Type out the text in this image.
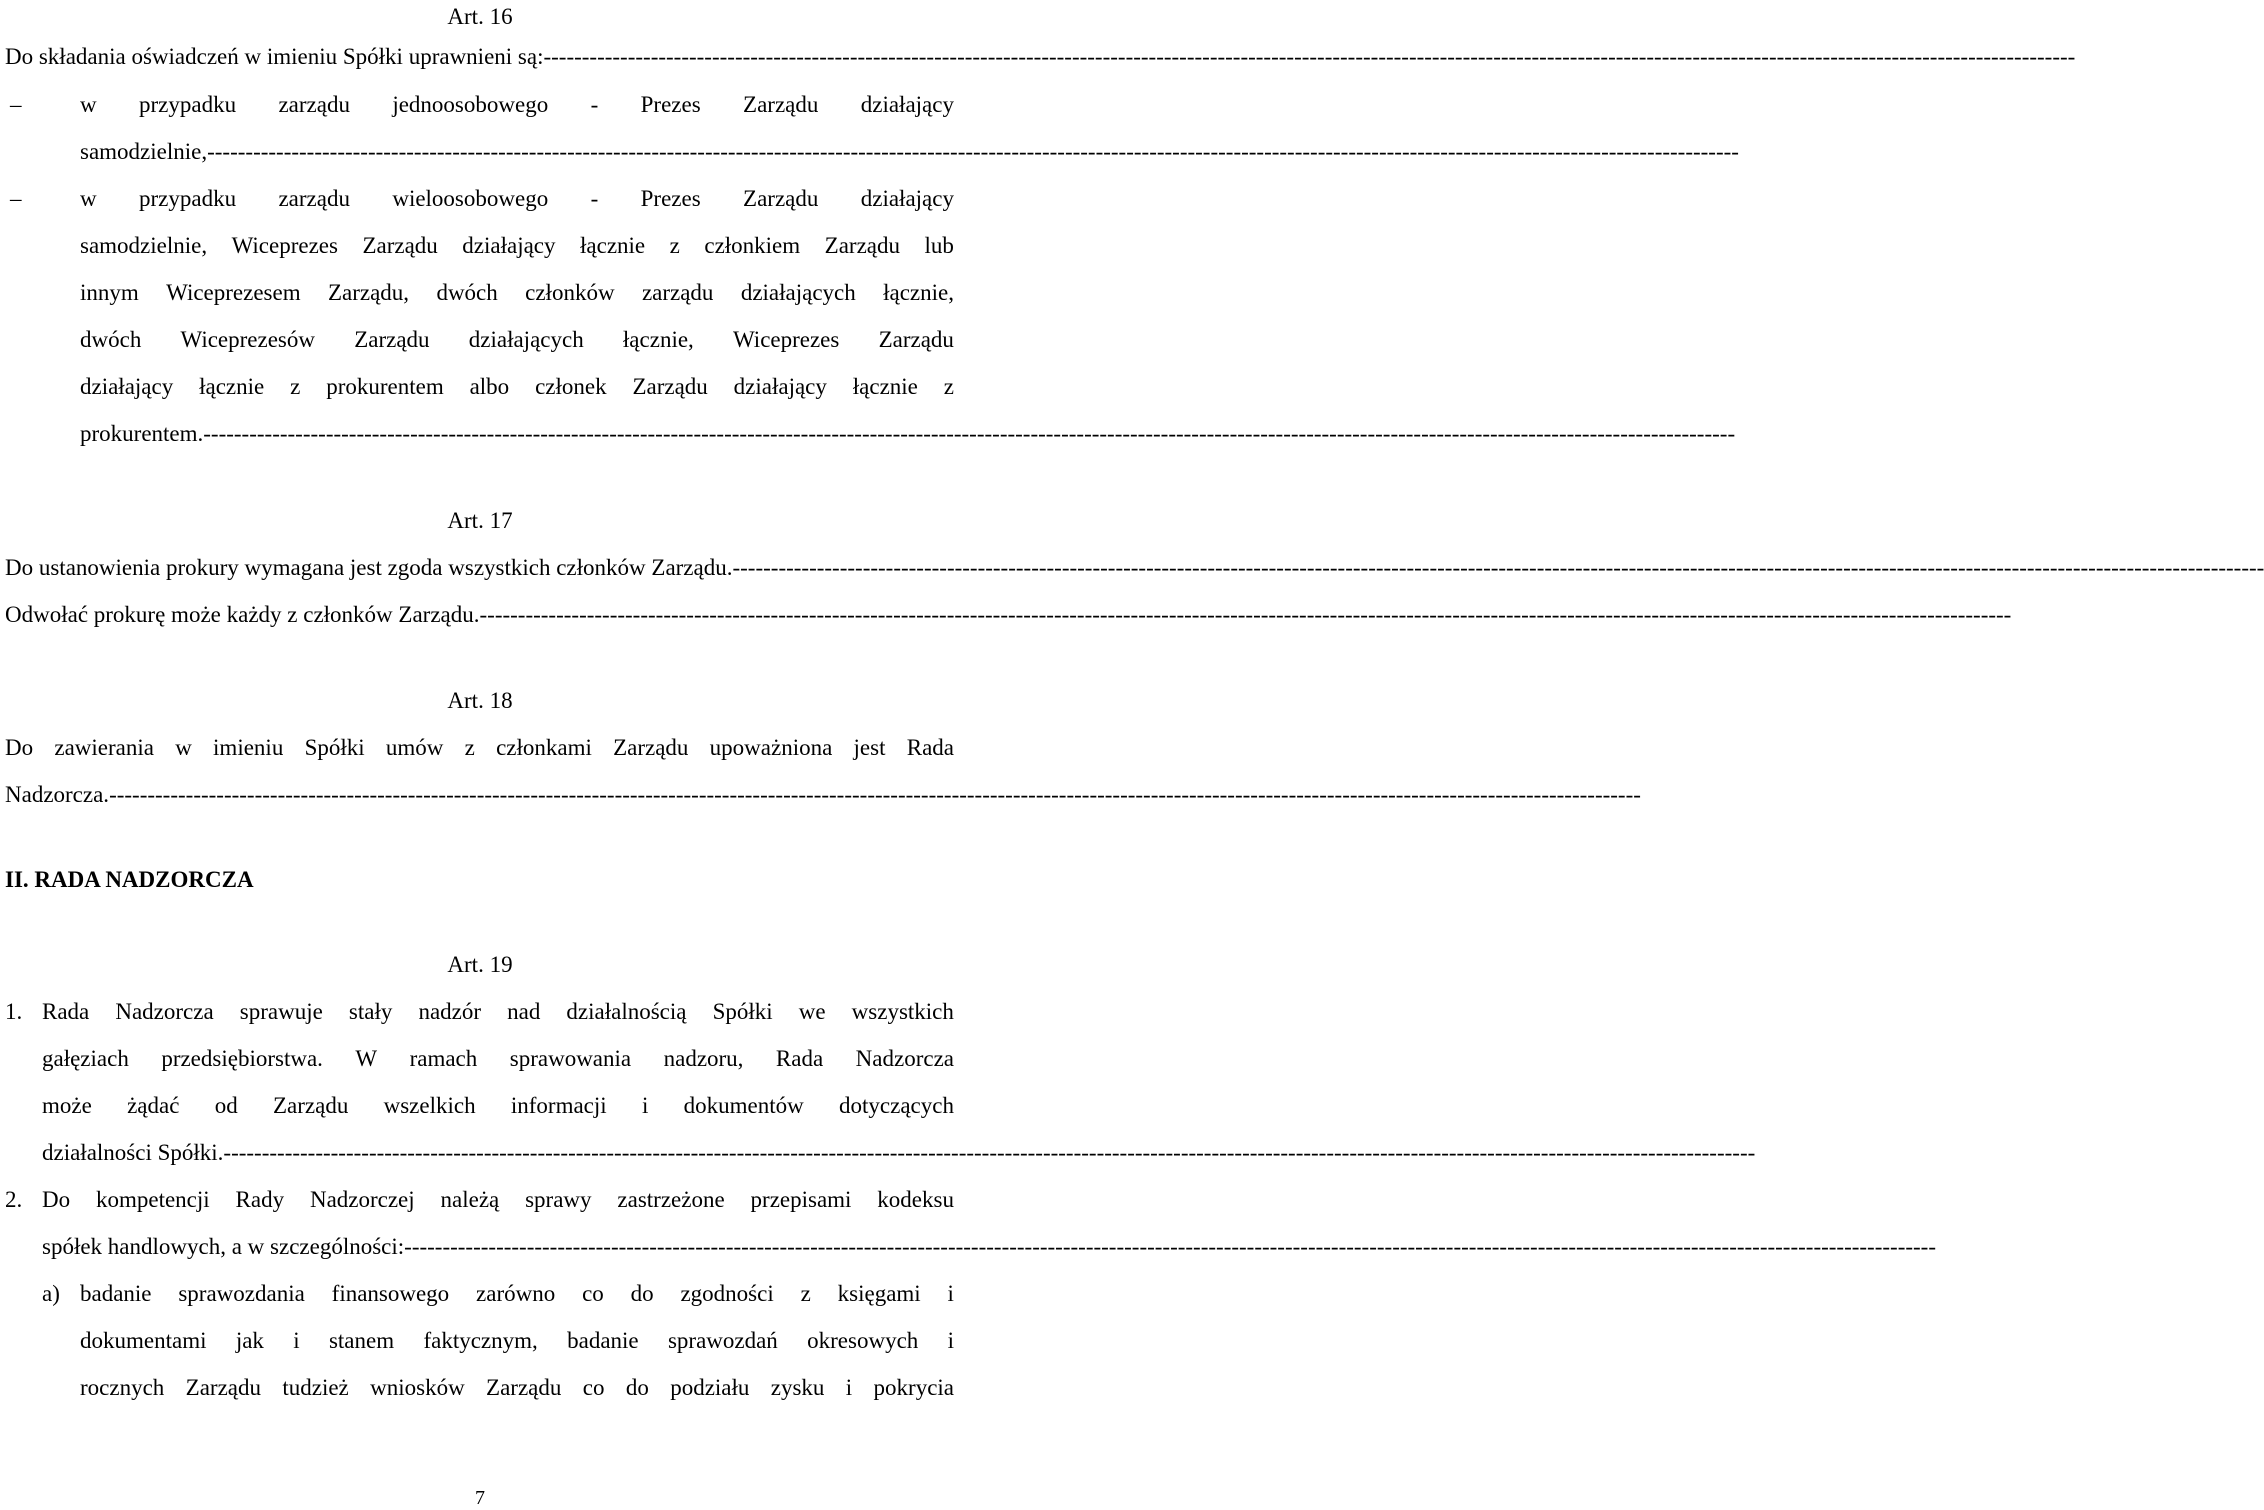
Art. 16
Do składania oświadczeń w imieniu Spółki uprawnieni są: --------------------------------------------------------------------------------------------------------------------------------------------------------------------------------------------------------
–	w przypadku zarządu jednoosobowego - Prezes Zarządu działający
samodzielnie, --------------------------------------------------------------------------------------------------------------------------------------------------------------------------------------------------------
–	w przypadku zarządu wieloosobowego - Prezes Zarządu działający
samodzielnie, Wiceprezes Zarządu działający łącznie z członkiem Zarządu lub
innym Wiceprezesem Zarządu, dwóch członków zarządu działających łącznie,
dwóch Wiceprezesów Zarządu działających łącznie, Wiceprezes Zarządu
działający łącznie z prokurentem albo członek Zarządu działający łącznie z
prokurentem. --------------------------------------------------------------------------------------------------------------------------------------------------------------------------------------------------------
Art. 17
Do ustanowienia prokury wymagana jest zgoda wszystkich członków Zarządu. --------------------------------------------------------------------------------------------------------------------------------------------------------------------------------------------------------
Odwołać prokurę może każdy z członków Zarządu. --------------------------------------------------------------------------------------------------------------------------------------------------------------------------------------------------------
Art. 18
Do zawierania w imieniu Spółki umów z członkami Zarządu upoważniona jest Rada
Nadzorcza. --------------------------------------------------------------------------------------------------------------------------------------------------------------------------------------------------------
II. RADA NADZORCZA
Art. 19
1. Rada Nadzorcza sprawuje stały nadzór nad działalnością Spółki we wszystkich
gałęziach przedsiębiorstwa. W ramach sprawowania nadzoru, Rada Nadzorcza
może żądać od Zarządu wszelkich informacji i dokumentów dotyczących
działalności Spółki. --------------------------------------------------------------------------------------------------------------------------------------------------------------------------------------------------------
2. Do kompetencji Rady Nadzorczej należą sprawy zastrzeżone przepisami kodeksu
spółek handlowych, a w szczególności: --------------------------------------------------------------------------------------------------------------------------------------------------------------------------------------------------------
a) badanie sprawozdania finansowego zarówno co do zgodności z księgami i
dokumentami jak i stanem faktycznym, badanie sprawozdań okresowych i
rocznych Zarządu tudzież wniosków Zarządu co do podziału zysku i pokrycia
7
